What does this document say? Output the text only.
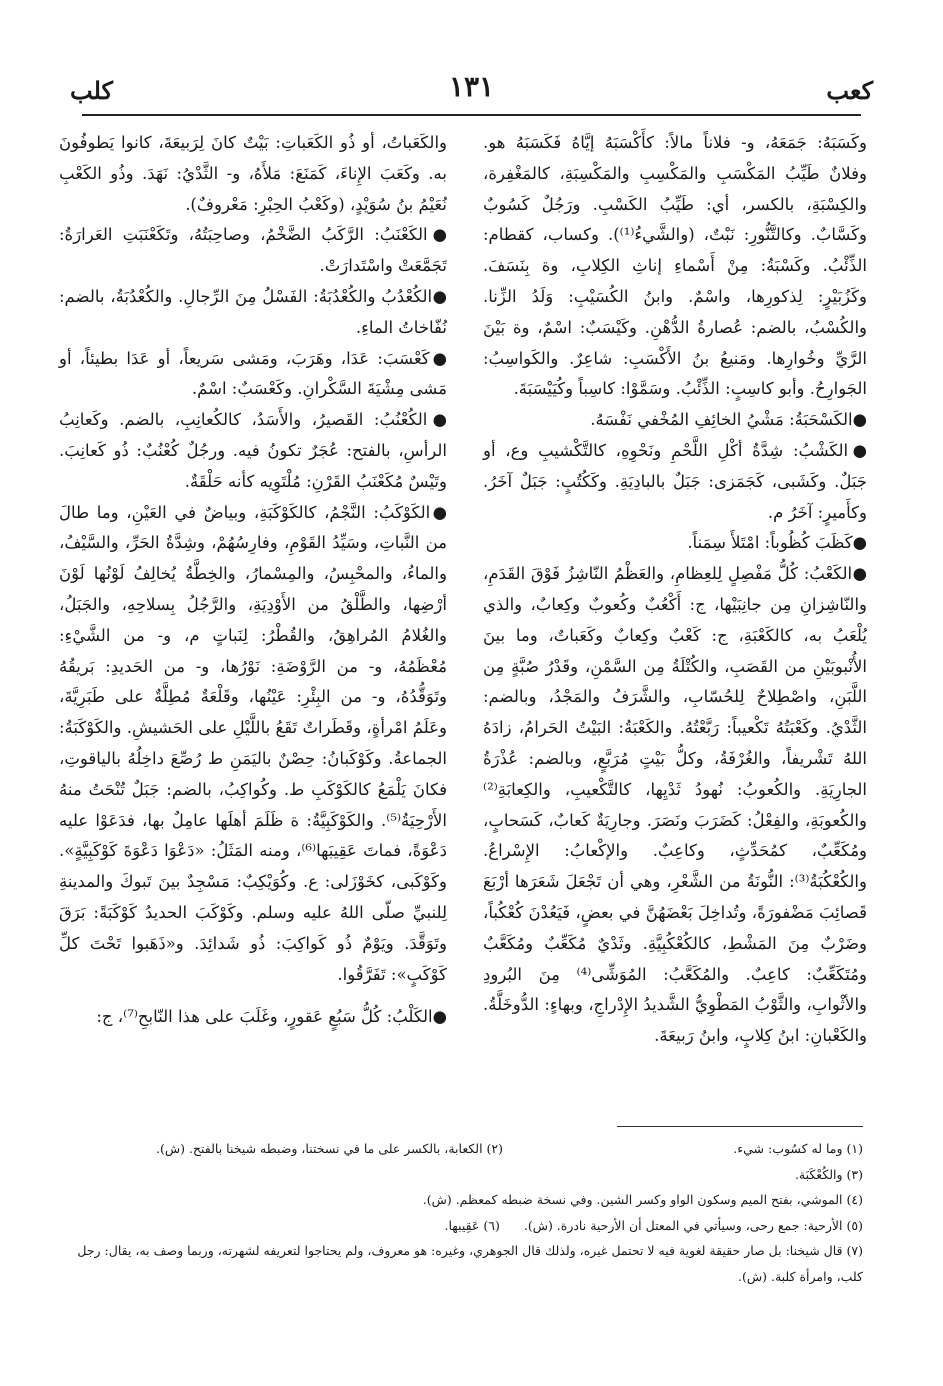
كعب
١٣١
كلب

وكَسَبَهُ: جَمَعَهُ، و- فلاناً مالاً: كأَكْسَبَهُ إيَّاهُ فَكَسَبَهُ هو. وفلانٌ طَيِّبُ المَكْسَبِ والمَكْسِبِ والمَكْسِبَةِ، كالمَغْفِرة، والكِسْبَةِ، بالكسر، أي: طَيِّبُ الكَسْبِ. ورَجُلٌ كَسُوبٌ وكَسَّابٌ. وكالتَّنُّورِ: نَبْتٌ، (والشَّيءُ⁽¹⁾). وكساب، كقطام: الذِّئْبُ. وكَسْبَةُ: مِنْ أَسْماءِ إناثِ الكِلابِ، وة بِنَسَفَ. وكَزُبَيْرٍ: لِذكورِها، واسْمٌ. وابنُ الكُسَيْبِ: وَلَدُ الزِّنا. والكُسْبُ، بالضم: عُصارةُ الدُّهْنِ. وكَيْسَبٌ: اسْمٌ، وة بَيْنَ الرَّيِّ وخُوارِها. ومَنيعُ بنُ الأَكْسَبِ: شاعِرٌ. والكَواسِبُ: الجَوارِحُ. وأبو كاسِبٍ: الذِّئْبُ. وسَمَّوْا: كاسِباً وكُيَيْسَبَةَ.

●الكَسْحَبَةُ: مَشْيُ الخائِفِ المُخْفي نَفْسَهُ.

●الكَشْبُ: شِدَّةُ أكْلِ اللَّحْمِ ونَحْوِهِ، كالتَّكْشيبِ وع، أو جَبَلٌ. وكَشَبى، كَجَمَزى: جَبَلٌ بالبادِيَةِ. وكَكُتُبٍ: جَبَلٌ آخَرُ. وكأَميرٍ: آخَرُ م.

●كَظَبَ كُظُوباً: امْتَلأَ سِمَناً.

●الكَعْبُ: كُلُّ مَفْصِلٍ لِلعِظامِ، والعَظْمُ النّاشِزُ فَوْقَ القَدَمِ، والنّاشِزانِ مِن جانِبَيْها، ج: أَكْعُبٌ وكُعوبٌ وكِعابٌ، والذي يُلْعَبُ به، كالكَعْبَةِ، ج: كَعْبٌ وكِعابٌ وكَعَباتٌ، وما بينَ الأُنْبوبَيْنِ من القَصَبِ، والكُتْلَةُ مِن السَّمْنِ، وقَدْرُ صُبَّةٍ مِن اللَّبَنِ، واصْطِلاحٌ لِلحُسّابِ، والشَّرَفُ والمَجْدُ، وبالضم: الثَّدْيُ. وكَعْبَتُهُ تَكْعيباً: رَبَّعْتُهُ. والكَعْبَةُ: البَيْتُ الحَرامُ، زادَهُ اللهُ تَشْريفاً، والغُرْفَةُ، وكلُّ بَيْتٍ مُرَبَّعٍ، وبالضم: عُذْرَةُ الجارِيَةِ. والكُعوبُ: نُهودُ ثَدْيِها، كالتَّكْعيبِ، والكِعابَةِ⁽²⁾ والكُعوبَةِ، والفِعْلُ: كَضَرَبَ ونَصَرَ. وجارِيَةٌ كَعابٌ، كَسَحابٍ، ومُكَعِّبٌ، كمُحَدِّثٍ، وكاعِبٌ. والإكْعابُ: الإِسْراعُ. والكُعْكُبَةُ⁽³⁾: النُّونَةُ من الشَّعْرِ، وهي أن تَجْعَلَ شَعَرَها أرْبَعَ قَصائِبَ مَضْفورَةً، وتُداخِلَ بَعْضَهُنَّ في بعضٍ، فَيَعُدْنَ كُعْكُباً، وضَرْبٌ مِنَ المَشْطِ، كالكُعْكُبِيَّةِ. وثَدْيٌ مُكَعِّبٌ ومُكَعَّبٌ ومُتَكَعِّبٌ: كاعِبٌ. والمُكَعَّبُ: المُوَشِّى⁽⁴⁾ مِنَ البُرودِ والأثْوابِ، والثَّوْبُ المَطْوِيُّ الشَّديدُ الإِدْراجِ، وبهاءٍ: الدُّوخَلَّةُ. والكَعْبانِ: ابنُ كِلابٍ، وابنُ رَبيعَةَ.

والكَعَباتُ، أو ذُو الكَعَباتِ: بَيْتٌ كانَ لِرَبيعَةَ، كانوا يَطوفُونَ به. وكَعَبَ الإِناءَ، كَمَنَعَ: مَلأَهُ، و- الثَّدْيُ: نَهَدَ. وذُو الكَعْبِ نُعَيْمُ بنُ سُوَيْدٍ، (وكَعْبُ الحِبْرِ: مَعْروفٌ).

●الكَعْنَبُ: الرَّكَبُ الضَّخْمُ، وصاحِبَتُهُ، وتَكَعْنَبَتِ العَرارَةُ: تَجَمَّعَتْ واسْتَدارَتْ.

●الكُعْدُبُ والكُعْدُبَةُ: الفَسْلُ مِنَ الرِّجالِ. والكُعْدُبَةُ، بالضم: نُفّاخاتُ الماءِ.

●كَعْسَبَ: عَدَا، وهَرَبَ، ومَشى سَريعاً، أو عَدَا بطيئاً، أو مَشى مِشْيَةَ السَّكْرانِ. وكَعْسَبٌ: اسْمٌ.

●الكُعْنُبُ: القَصيرُ، والأَسَدُ، كالكُعانِبِ، بالضم. وكَعانِبُ الرأسِ، بالفتح: عُجَرٌ تكونُ فيه. ورجُلٌ كُعْنُبٌ: ذُو كَعانِبَ. وتَيْسٌ مُكَعْنَبُ القَرْنِ: مُلْتَوِيه كأنه حَلْقَةٌ.

●الكَوْكَبُ: النَّجْمُ، كالكَوْكَبَةِ، وبياضٌ في العَيْنِ، وما طالَ من النَّباتِ، وسَيِّدُ القَوْمِ، وفارِسُهُمْ، وشِدَّةُ الحَرِّ، والسَّيْفُ، والماءُ، والمحْبِسُ، والمِسْمارُ، والخِطَّةُ يُخالِفُ لَوْنُها لَوْنَ أرْضِها، والطَّلْقُ من الأَوْدِيَةِ، والرَّجُلُ بِسلاحِهِ، والجَبَلُ، والغُلامُ المُراهِقُ، والقُطْرُ: لِنَباتٍ م، و- من الشَّيْءِ: مُعْظَمُهُ، و- من الرَّوْضَةِ: نَوْرُها، و- من الحَديدِ: بَريقُهُ وتَوَقُّدُهُ، و- من البِئْرِ: عَيْنُها، وقَلْعَةٌ مُطِلَّةٌ على طَبَرِيَّةَ، وعَلَمُ امْرأةٍ، وقَطَراتٌ تَقَعُ باللَّيْلِ على الحَشيشِ. والكَوْكَبَةُ: الجماعةُ. وكَوْكَبانُ: حِصْنٌ باليَمَنِ ط رُصِّعَ داخِلُهُ بالياقوتِ، فكانَ يَلْمَعُ كالكَوْكَبِ ط. وكُواكِبُ، بالضم: جَبَلٌ تُنْحَتُ منهُ الأَرْحِيَةُ⁽⁵⁾. والكَوْكَبِيَّةُ: ة ظَلَمَ أهلَها عامِلٌ بها، فدَعَوْا عليه دَعْوَةً، فماتَ عَقِيبَها⁽⁶⁾، ومنه المَثَلُ: «دَعْوَا دَعْوَةَ كَوْكَبِيَّةٍ». وكَوْكَبى، كخَوْزَلى: ع. وكُوَيْكِبٌ: مَسْجِدٌ بينَ تَبوكَ والمدينةِ لِلنبيِّ صلّى اللهُ عليه وسلم. وكَوْكَبَ الحديدُ كَوْكَبَةً: بَرَقَ وتَوَقَّدَ. ويَوْمٌ ذُو كَواكِبَ: ذُو شَدائِدَ. و«ذَهَبوا تَحْتَ كلِّ كَوْكَبٍ»: تَفَرَّقُوا.

●الكَلْبُ: كُلُّ سَبُعٍ عَقورٍ، وغَلَبَ على هذا النّابحِ⁽⁷⁾، ج:

(١) وما له كسُوب: شيء.
(٢) الكعابة، بالكسر على ما في نسختنا، وضبطه شيخنا بالفتح. (ش).
(٣) والكُعْكَبَة.
(٤) الموشي، بفتح الميم وسكون الواو وكسر الشين. وفي نسخة ضبطه كمعظم. (ش).
(٥) الأرحية: جمع رحى، وسيأتي في المعتل أن الأرحية نادرة. (ش).
(٦) عَقِيبها.
(٧) قال شيخنا: بل صار حقيقة لغوية فيه لا تحتمل غيره، ولذلك قال الجوهري، وغيره: هو معروف، ولم يحتاجوا لتعريفه لشهرته، وربما وصف به، يقال: رجل كلب، وامرأة كلبة. (ش).
